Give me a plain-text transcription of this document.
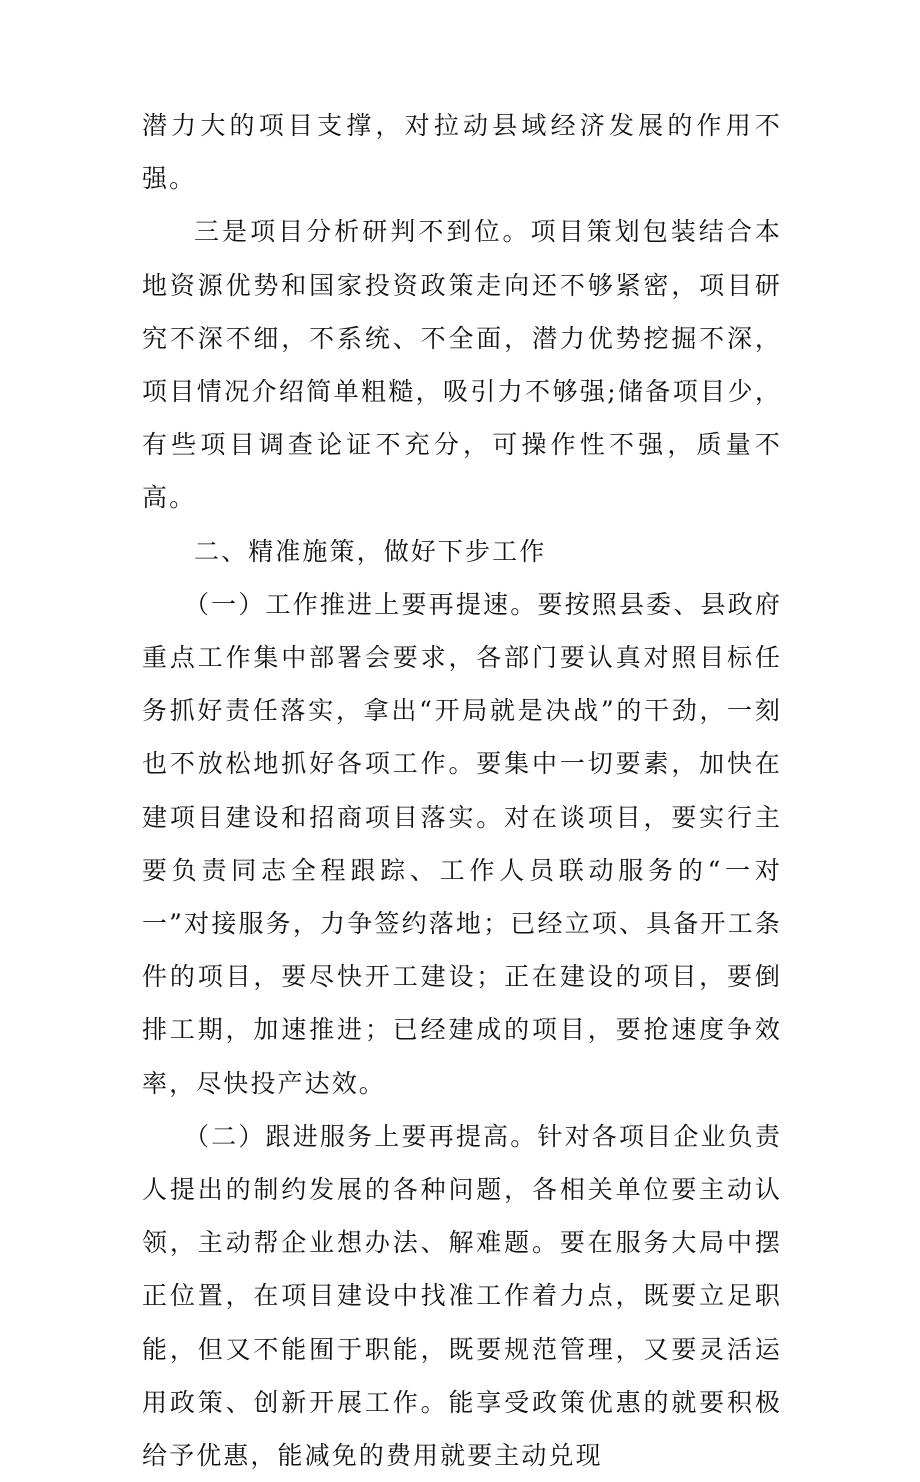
潜力大的项目支撑，对拉动县域经济发展的作用不强。

三是项目分析研判不到位。项目策划包装结合本地资源优势和国家投资政策走向还不够紧密，项目研究不深不细，不系统、不全面，潜力优势挖掘不深，项目情况介绍简单粗糙，吸引力不够强;储备项目少，有些项目调查论证不充分，可操作性不强，质量不高。

二、精准施策，做好下步工作

（一）工作推进上要再提速。要按照县委、县政府重点工作集中部署会要求，各部门要认真对照目标任务抓好责任落实，拿出“开局就是决战”的干劲，一刻也不放松地抓好各项工作。要集中一切要素，加快在建项目建设和招商项目落实。对在谈项目，要实行主要负责同志全程跟踪、工作人员联动服务的“一对一”对接服务，力争签约落地；已经立项、具备开工条件的项目，要尽快开工建设；正在建设的项目，要倒排工期，加速推进；已经建成的项目，要抢速度争效率，尽快投产达效。

（二）跟进服务上要再提高。针对各项目企业负责人提出的制约发展的各种问题，各相关单位要主动认领，主动帮企业想办法、解难题。要在服务大局中摆正位置，在项目建设中找准工作着力点，既要立足职能，但又不能囿于职能，既要规范管理，又要灵活运用政策、创新开展工作。能享受政策优惠的就要积极给予优惠，能减免的费用就要主动兑现
